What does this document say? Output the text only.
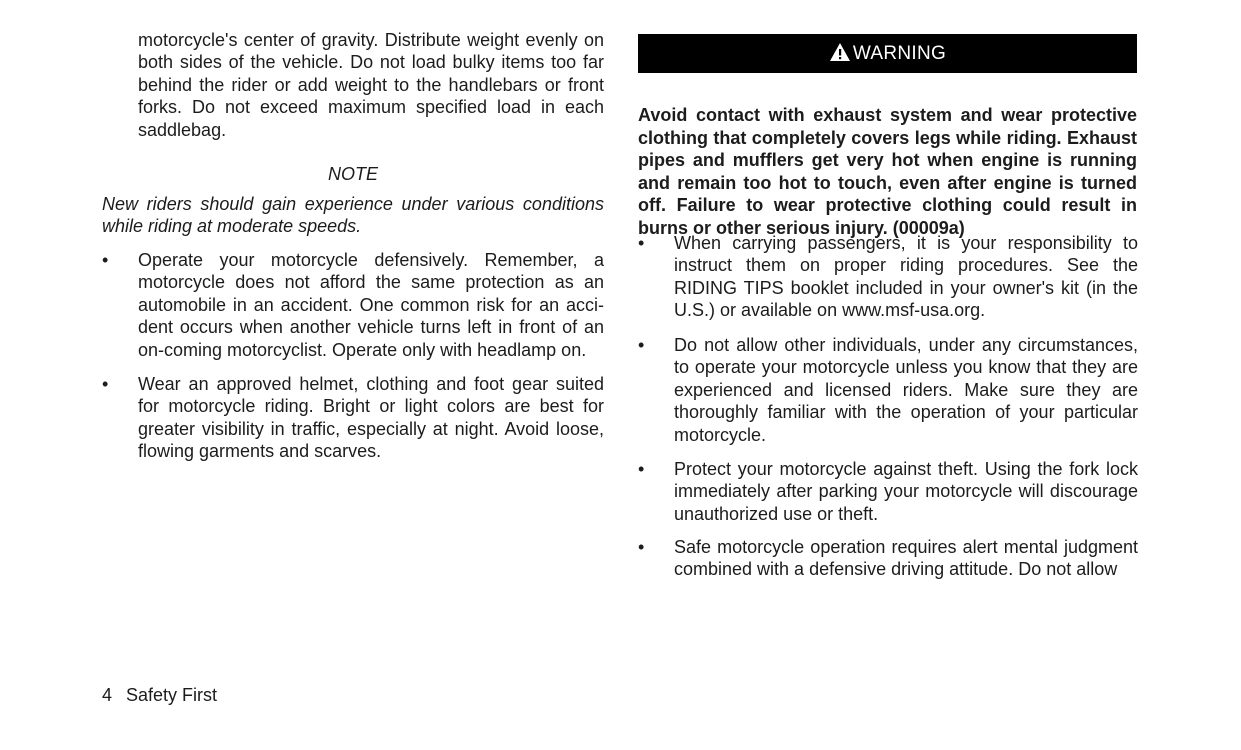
motorcycle's center of gravity. Distribute weight evenly on both sides of the vehicle. Do not load bulky items too far behind the rider or add weight to the handlebars or front forks. Do not exceed maximum specified load in each saddlebag.

NOTE

New riders should gain experience under various conditions while riding at moderate speeds.

• Operate your motorcycle defensively. Remember, a motorcycle does not afford the same protection as an automobile in an accident. One common risk for an acci-dent occurs when another vehicle turns left in front of an on-coming motorcyclist. Operate only with headlamp on.

• Wear an approved helmet, clothing and foot gear suited for motorcycle riding. Bright or light colors are best for greater visibility in traffic, especially at night. Avoid loose, flowing garments and scarves.

WARNING

Avoid contact with exhaust system and wear protective clothing that completely covers legs while riding. Exhaust pipes and mufflers get very hot when engine is running and remain too hot to touch, even after engine is turned off. Failure to wear protective clothing could result in burns or other serious injury. (00009a)

• When carrying passengers, it is your responsibility to instruct them on proper riding procedures. See the RIDING TIPS booklet included in your owner's kit (in the U.S.) or available on www.msf-usa.org.

• Do not allow other individuals, under any circumstances, to operate your motorcycle unless you know that they are experienced and licensed riders. Make sure they are thoroughly familiar with the operation of your particular motorcycle.

• Protect your motorcycle against theft. Using the fork lock immediately after parking your motorcycle will discourage unauthorized use or theft.

• Safe motorcycle operation requires alert mental judgment combined with a defensive driving attitude. Do not allow

4 Safety First
